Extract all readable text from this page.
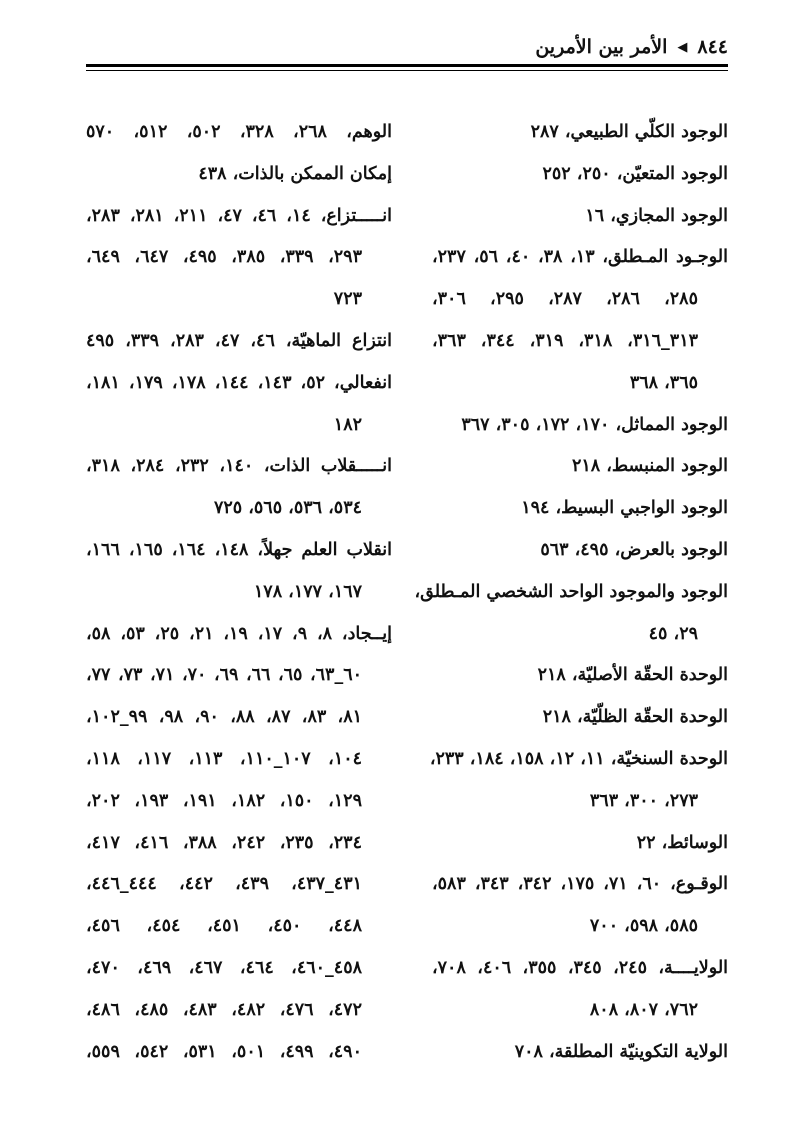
٨٤٤
◀
الأمر بين الأمرين
الوجود الكلّي الطبيعي، ٢٨٧
الوجود المتعيّن، ٢٥٠، ٢٥٢
الوجود المجازي، ١٦
الوجـود المـطلق، ١٣، ٣٨، ٤٠، ٥٦، ٢٣٧،
٢٨٥، ٢٨٦، ٢٨٧، ٢٩٥، ٣٠٦،
٣١٣_٣١٦، ٣١٨، ٣١٩، ٣٤٤، ٣٦٣،
٣٦٥، ٣٦٨
الوجود المماثل، ١٧٠، ١٧٢، ٣٠٥، ٣٦٧
الوجود المنبسط، ٢١٨
الوجود الواجبي البسيط، ١٩٤
الوجود بالعرض، ٤٩٥، ٥٦٣
الوجود والموجود الواحد الشخصي المـطلق،
٢٩، ٤٥
الوحدة الحقّة الأصليّة، ٢١٨
الوحدة الحقّة الظلّيّة، ٢١٨
الوحدة السنخيّة، ١١، ١٢، ١٥٨، ١٨٤، ٢٣٣،
٢٧٣، ٣٠٠، ٣٦٣
الوسائط، ٢٢
الوقـوع، ٦٠، ٧١، ١٧٥، ٣٤٢، ٣٤٣، ٥٨٣،
٥٨٥، ٥٩٨، ٧٠٠
الولايــــة، ٢٤٥، ٣٤٥، ٣٥٥، ٤٠٦، ٧٠٨،
٧٦٢، ٨٠٧، ٨٠٨
الولاية التكوينيّة المطلقة، ٧٠٨
الوهم، ٢٦٨، ٣٢٨، ٥٠٢، ٥١٢، ٥٧٠
إمكان الممكن بالذات، ٤٣٨
انـــــتزاع، ١٤، ٤٦، ٤٧، ٢١١، ٢٨١، ٢٨٣،
٢٩٣، ٣٣٩، ٣٨٥، ٤٩٥، ٦٤٧، ٦٤٩،
٧٢٣
انتزاع الماهيّة، ٤٦، ٤٧، ٢٨٣، ٣٣٩، ٤٩٥
انفعالي، ٥٢، ١٤٣، ١٤٤، ١٧٨، ١٧٩، ١٨١،
١٨٢
انـــــقلاب الذات، ١٤٠، ٢٣٢، ٢٨٤، ٣١٨،
٥٣٤، ٥٣٦، ٥٦٥، ٧٢٥
انقلاب العلم جهلاً، ١٤٨، ١٦٤، ١٦٥، ١٦٦،
١٦٧، ١٧٧، ١٧٨
إيــجاد، ٨، ٩، ١٧، ١٩، ٢١، ٢٥، ٥٣، ٥٨،
٦٠_٦٣، ٦٥، ٦٦، ٦٩، ٧٠، ٧١، ٧٣، ٧٧،
٨١، ٨٣، ٨٧، ٨٨، ٩٠، ٩٨، ٩٩_١٠٢،
١٠٤، ١٠٧_١١٠، ١١٣، ١١٧، ١١٨،
١٢٩، ١٥٠، ١٨٢، ١٩١، ١٩٣، ٢٠٢،
٢٣٤، ٢٣٥، ٢٤٢، ٣٨٨، ٤١٦، ٤١٧،
٤٣١_٤٣٧، ٤٣٩، ٤٤٢، ٤٤٤_٤٤٦،
٤٤٨، ٤٥٠، ٤٥١، ٤٥٤، ٤٥٦،
٤٥٨_٤٦٠، ٤٦٤، ٤٦٧، ٤٦٩، ٤٧٠،
٤٧٢، ٤٧٦، ٤٨٢، ٤٨٣، ٤٨٥، ٤٨٦،
٤٩٠، ٤٩٩، ٥٠١، ٥٣١، ٥٤٢، ٥٥٩،
